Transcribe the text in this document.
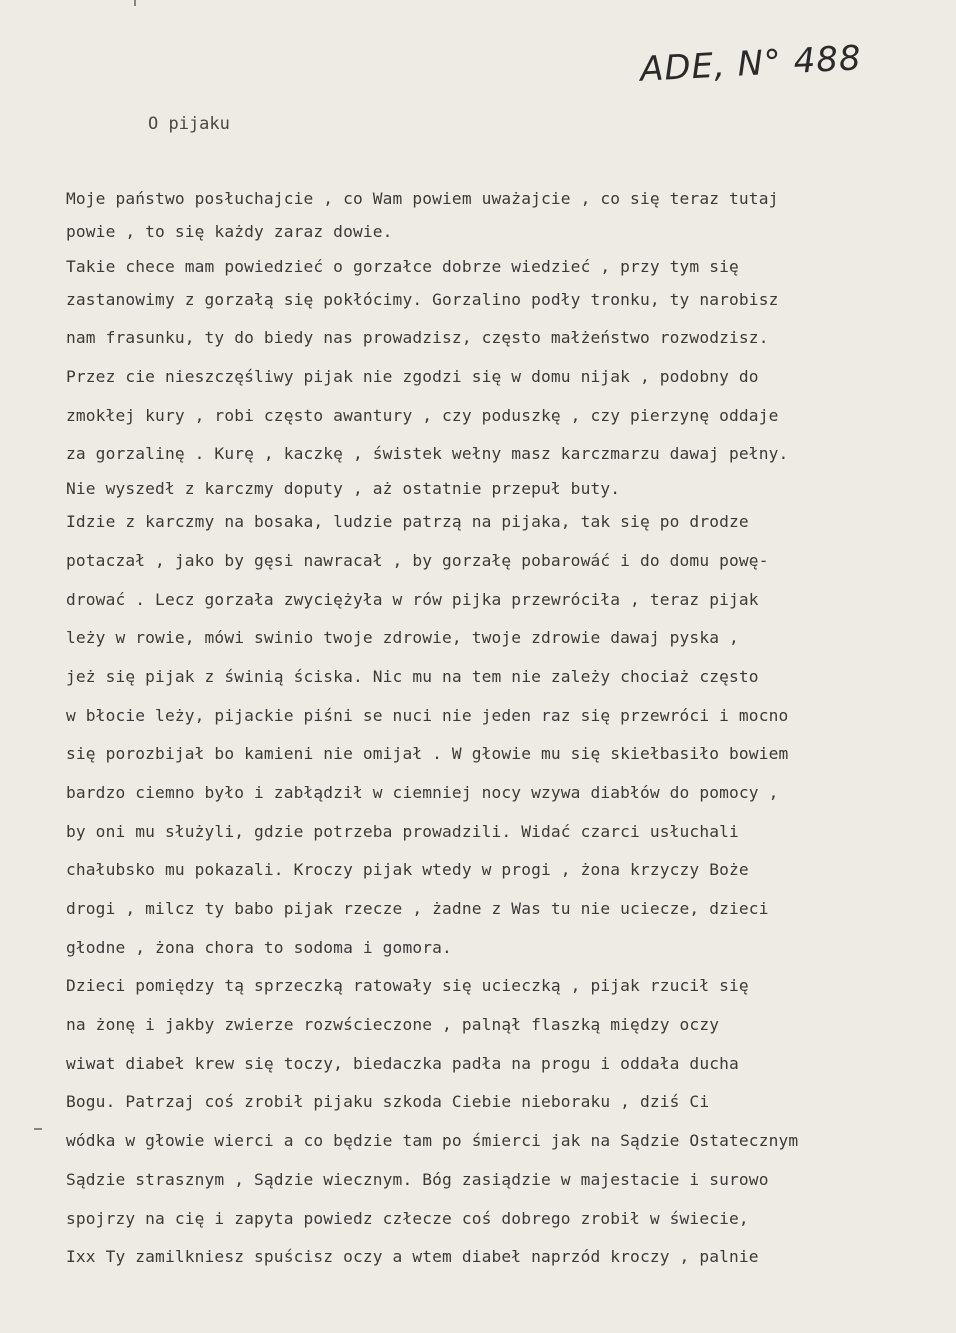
ADE, N° 488
O pijaku
Moje państwo posłuchajcie , co Wam powiem uważajcie , co się teraz tutaj
powie , to się każdy zaraz dowie.
Takie chece mam powiedzieć o gorzałce dobrze wiedzieć , przy tym się
zastanowimy z gorzałą się pokłócimy. Gorzalino podły tronku, ty narobisz
nam frasunku, ty do biedy nas prowadzisz, często małżeństwo rozwodzisz.
Przez cie nieszczęśliwy pijak nie zgodzi się w domu nijak , podobny do
zmokłej kury , robi często awantury , czy poduszkę , czy pierzynę oddaje
za gorzalinę . Kurę , kaczkę , świstek wełny masz karczmarzu dawaj pełny.
Nie wyszedł z karczmy doputy , aż ostatnie przepuł buty.
Idzie z karczmy na bosaka, ludzie patrzą na pijaka, tak się po drodze
potaczał , jako by gęsi nawracał , by gorzałę pobarowáć i do domu powę-
drować . Lecz gorzała zwyciężyła w rów pijka przewróciła , teraz pijak
leży w rowie, mówi swinio twoje zdrowie, twoje zdrowie dawaj pyska ,
jeż się pijak z świnią ściska. Nic mu na tem nie zależy chociaż często
w błocie leży, pijackie piśni se nuci nie jeden raz się przewróci i mocno
się porozbijał bo kamieni nie omijał . W głowie mu się skiełbasiło bowiem
bardzo ciemno było i zabłądził w ciemniej nocy wzywa diabłów do pomocy ,
by oni mu służyli, gdzie potrzeba prowadzili. Widać czarci usłuchali
chałubsko mu pokazali. Kroczy pijak wtedy w progi , żona krzyczy Boże
drogi , milcz ty babo pijak rzecze , żadne z Was tu nie uciecze, dzieci
głodne , żona chora to sodoma i gomora.
Dzieci pomiędzy tą sprzeczką ratowały się ucieczką , pijak rzucił się
na żonę i jakby zwierze rozwścieczone , palnął flaszką między oczy
wiwat diabeł krew się toczy, biedaczka padła na progu i oddała ducha
Bogu. Patrzaj coś zrobił pijaku szkoda Ciebie nieboraku , dziś Ci
wódka w głowie wierci a co będzie tam po śmierci jak na Sądzie Ostatecznym
Sądzie strasznym , Sądzie wiecznym. Bóg zasiądzie w majestacie i surowo
spojrzy na cię i zapyta powiedz człecze coś dobrego zrobił w świecie,
Ixx Ty zamilkniesz spuścisz oczy a wtem diabeł naprzód kroczy , palnie
